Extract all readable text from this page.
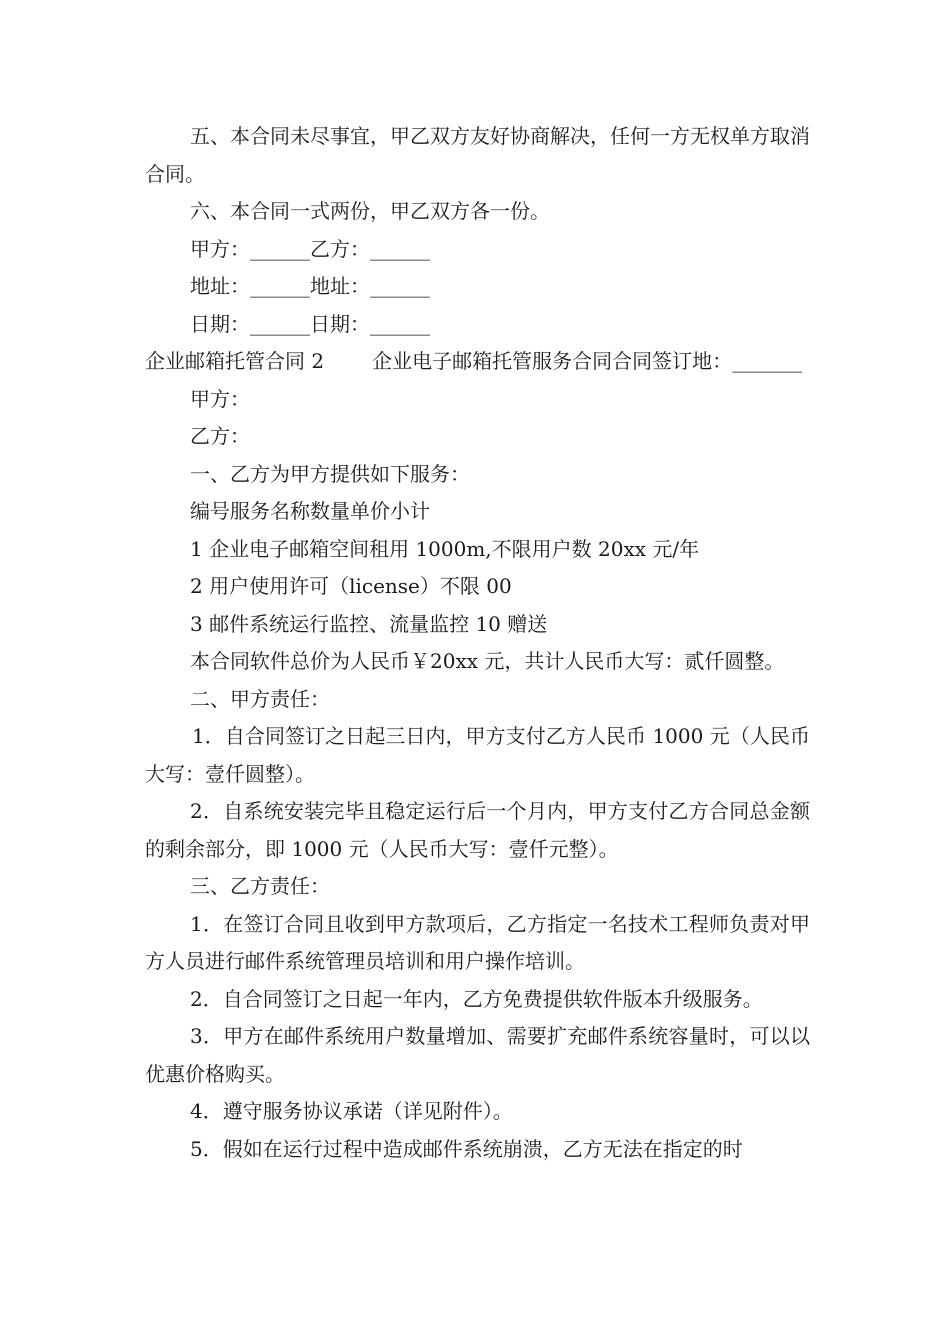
五、本合同未尽事宜，甲乙双方友好协商解决，任何一方无权单方取消合同。

六、本合同一式两份，甲乙双方各一份。

甲方：______乙方：______

地址：______地址：______

日期：______日期：______

企业邮箱托管合同 2 企业电子邮箱托管服务合同合同签订地：_______

甲方：

乙方：

一、乙方为甲方提供如下服务：

编号服务名称数量单价小计

1 企业电子邮箱空间租用 1000m,不限用户数 20xx 元/年

2 用户使用许可（license）不限 00

3 邮件系统运行监控、流量监控 10 赠送

本合同软件总价为人民币￥20xx 元，共计人民币大写：贰仟圆整。

二、甲方责任：

1．自合同签订之日起三日内，甲方支付乙方人民币 1000 元（人民币大写：壹仟圆整）。

2．自系统安装完毕且稳定运行后一个月内，甲方支付乙方合同总金额的剩余部分，即 1000 元（人民币大写：壹仟元整）。

三、乙方责任：

1．在签订合同且收到甲方款项后，乙方指定一名技术工程师负责对甲方人员进行邮件系统管理员培训和用户操作培训。

2．自合同签订之日起一年内，乙方免费提供软件版本升级服务。

3．甲方在邮件系统用户数量增加、需要扩充邮件系统容量时，可以以优惠价格购买。

4．遵守服务协议承诺（详见附件）。

5．假如在运行过程中造成邮件系统崩溃，乙方无法在指定的时
